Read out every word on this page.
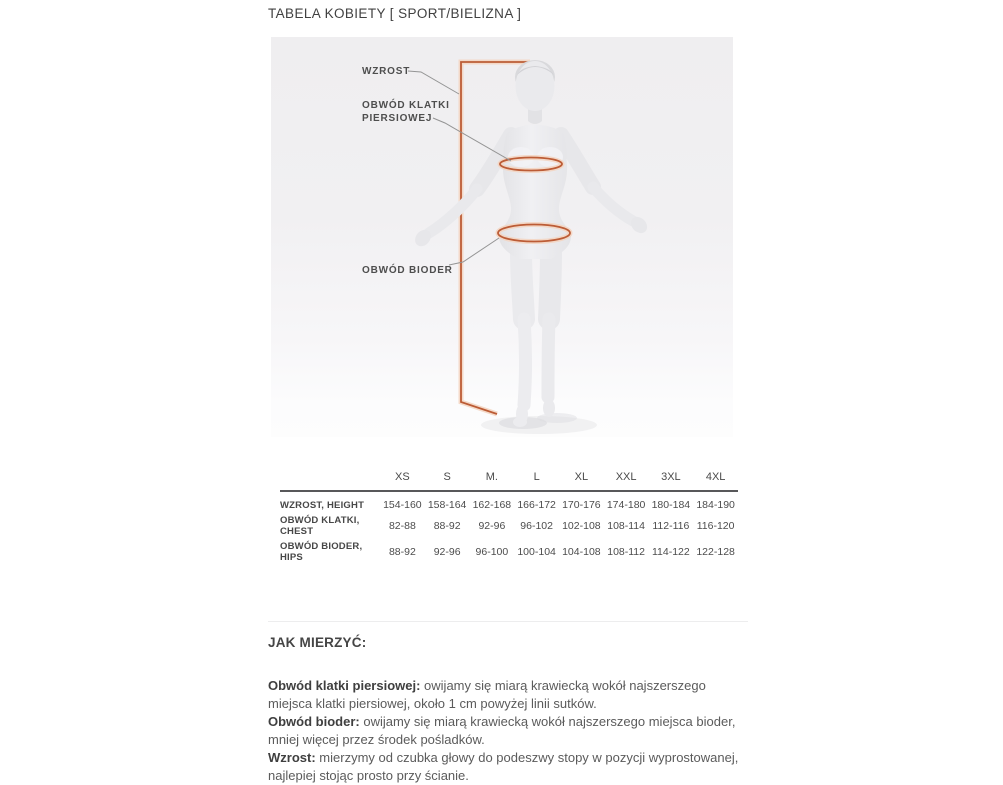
TABELA KOBIETY [ SPORT/BIELIZNA ]
WZROST
OBWÓD KLATKI
PIERSIOWEJ
OBWÓD BIODER
	XS	S	M.	L	XL	XXL	3XL	4XL
WZROST, HEIGHT	154-160	158-164	162-168	166-172	170-176	174-180	180-184	184-190
OBWÓD KLATKI, CHEST	82-88	88-92	92-96	96-102	102-108	108-114	112-116	116-120
OBWÓD BIODER, HIPS	88-92	92-96	96-100	100-104	104-108	108-112	114-122	122-128
JAK MIERZYĆ:

Obwód klatki piersiowej: owijamy się miarą krawiecką wokół najszerszego miejsca klatki piersiowej, około 1 cm powyżej linii sutków.

Obwód bioder: owijamy się miarą krawiecką wokół najszerszego miejsca bioder, mniej więcej przez środek pośladków.

Wzrost: mierzymy od czubka głowy do podeszwy stopy w pozycji wyprostowanej, najlepiej stojąc prosto przy ścianie.
